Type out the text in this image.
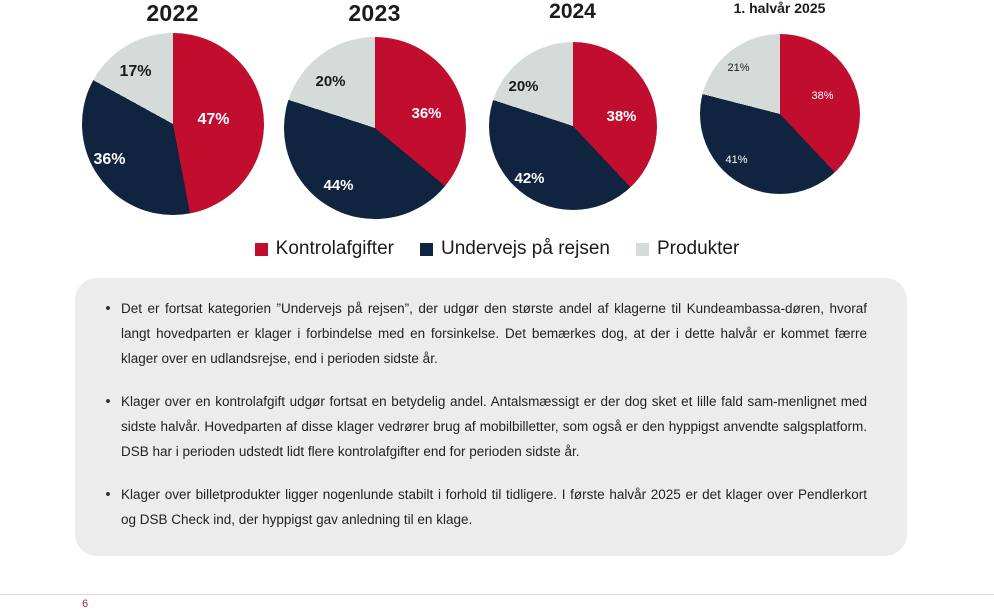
2022
47%
36%
17%
2023
36%
44%
20%
2024
38%
42%
20%
1. halvår 2025
38%
41%
21%
Kontrolafgifter Undervejs på rejsen Produkter
• Det er fortsat kategorien ”Undervejs på rejsen”, der udgør den største andel af klagerne til Kundeambassa-døren, hvoraf langt hovedparten er klager i forbindelse med en forsinkelse. Det bemærkes dog, at der i dette halvår er kommet færre klager over en udlandsrejse, end i perioden sidste år.
• Klager over en kontrolafgift udgør fortsat en betydelig andel. Antalsmæssigt er der dog sket et lille fald sam-menlignet med sidste halvår. Hovedparten af disse klager vedrører brug af mobilbilletter, som også er den hyppigst anvendte salgsplatform. DSB har i perioden udstedt lidt flere kontrolafgifter end for perioden sidste år.
• Klager over billetprodukter ligger nogenlunde stabilt i forhold til tidligere. I første halvår 2025 er det klager over Pendlerkort og DSB Check ind, der hyppigst gav anledning til en klage.
6
